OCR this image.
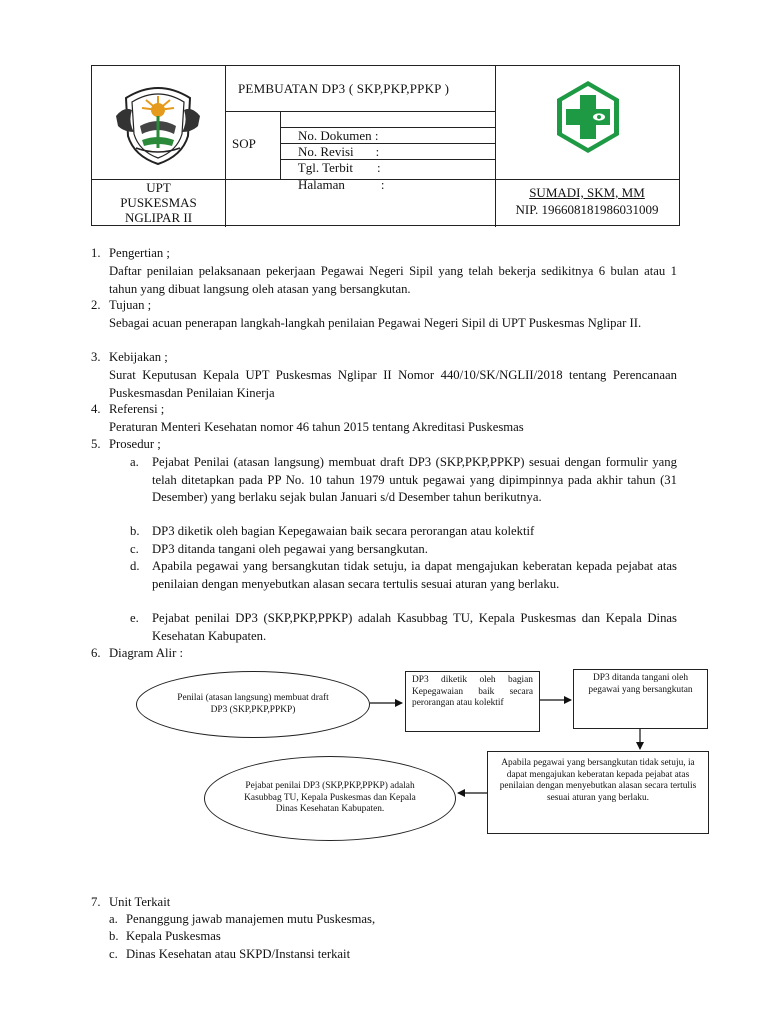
PEMBUATAN DP3 ( SKP,PKP,PPKP )
SOP

No. Dokumen :

No. Revisi :

Tgl. Terbit :

Halaman	:

UPT
PUSKESMAS
NGLIPAR II
SUMADI, SKM, MM
NIP. 196608181986031009
1. Pengertian ;
Daftar penilaian pelaksanaan pekerjaan Pegawai Negeri Sipil yang telah bekerja sedikitnya 6 bulan atau 1 tahun yang dibuat langsung oleh atasan yang bersangkutan.
2. Tujuan ;
Sebagai acuan penerapan langkah-langkah penilaian Pegawai Negeri Sipil di UPT Puskesmas Nglipar II.
3. Kebijakan ;
Surat Keputusan Kepala UPT Puskesmas Nglipar II Nomor 440/10/SK/NGLII/2018 tentang Perencanaan Puskesmasdan Penilaian Kinerja
4. Referensi ;
Peraturan Menteri Kesehatan nomor 46 tahun 2015 tentang Akreditasi Puskesmas
5. Prosedur ;
a. Pejabat Penilai (atasan langsung) membuat draft DP3 (SKP,PKP,PPKP) sesuai dengan formulir yang telah ditetapkan pada PP No. 10 tahun 1979 untuk pegawai yang dipimpinnya pada akhir tahun (31 Desember) yang berlaku sejak bulan Januari s/d Desember tahun berikutnya.
b. DP3 diketik oleh bagian Kepegawaian baik secara perorangan atau kolektif
c. DP3 ditanda tangani oleh pegawai yang bersangkutan.
d. Apabila pegawai yang bersangkutan tidak setuju, ia dapat mengajukan keberatan kepada pejabat atas penilaian dengan menyebutkan alasan secara tertulis sesuai aturan yang berlaku.
e. Pejabat penilai DP3 (SKP,PKP,PPKP) adalah Kasubbag TU, Kepala Puskesmas dan Kepala Dinas Kesehatan Kabupaten.
6. Diagram Alir :
Penilai (atasan langsung) membuat draft DP3 (SKP,PKP,PPKP)
DP3 diketik oleh bagian Kepegawaian baik secara perorangan atau kolektif
DP3 ditanda tangani oleh pegawai yang bersangkutan
Apabila pegawai yang bersangkutan tidak setuju, ia dapat mengajukan keberatan kepada pejabat atas penilaian dengan menyebutkan alasan secara tertulis sesuai aturan yang berlaku.
Pejabat penilai DP3 (SKP,PKP,PPKP) adalah Kasubbag TU, Kepala Puskesmas dan Kepala Dinas Kesehatan Kabupaten.
7. Unit Terkait
a. Penanggung jawab manajemen mutu Puskesmas,
b. Kepala Puskesmas
c. Dinas Kesehatan atau SKPD/Instansi terkait
